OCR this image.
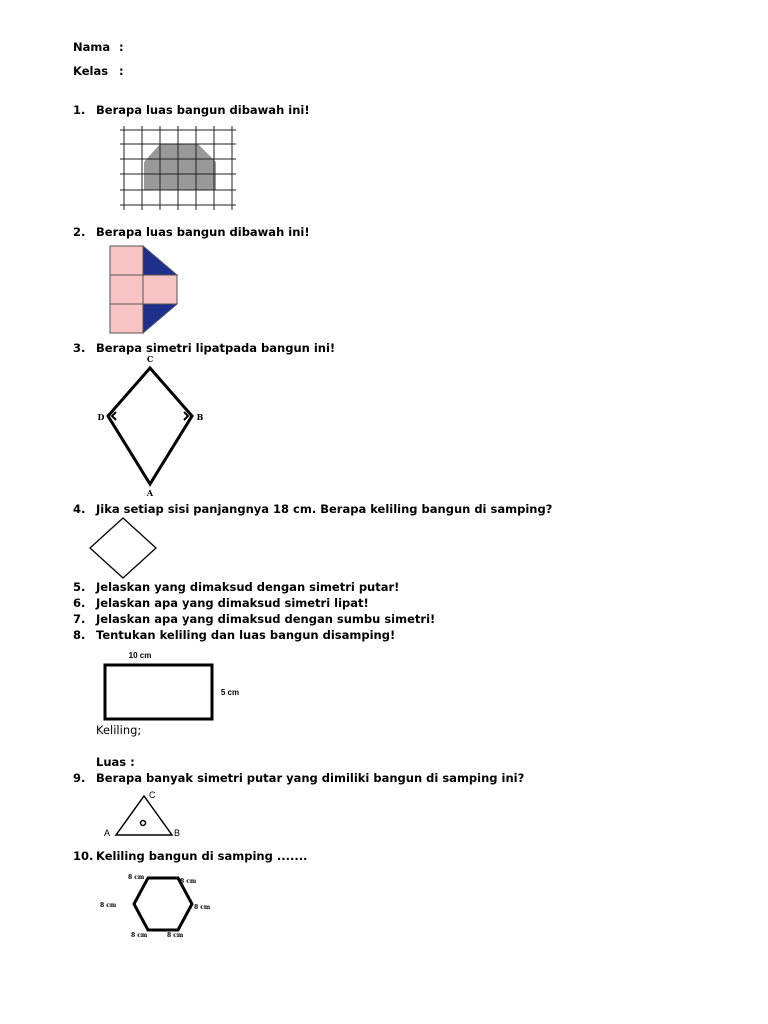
Nama :
Kelas :
1. Berapa luas bangun dibawah ini!
2. Berapa luas bangun dibawah ini!
3. Berapa simetri lipatpada bangun ini!
C
B
D
A
4. Jika setiap sisi panjangnya 18 cm. Berapa keliling bangun di samping?
5. Jelaskan yang dimaksud dengan simetri putar!
6. Jelaskan apa yang dimaksud simetri lipat!
7. Jelaskan apa yang dimaksud dengan sumbu simetri!
8. Tentukan keliling dan luas bangun disamping!
10 cm
5 cm
Keliling;
Luas :
9. Berapa banyak simetri putar yang dimiliki bangun di samping ini?
C
A	B
10. Keliling bangun di samping .......
8 cm
8 cm
8 cm	8 cm
8 cm	8 cm
